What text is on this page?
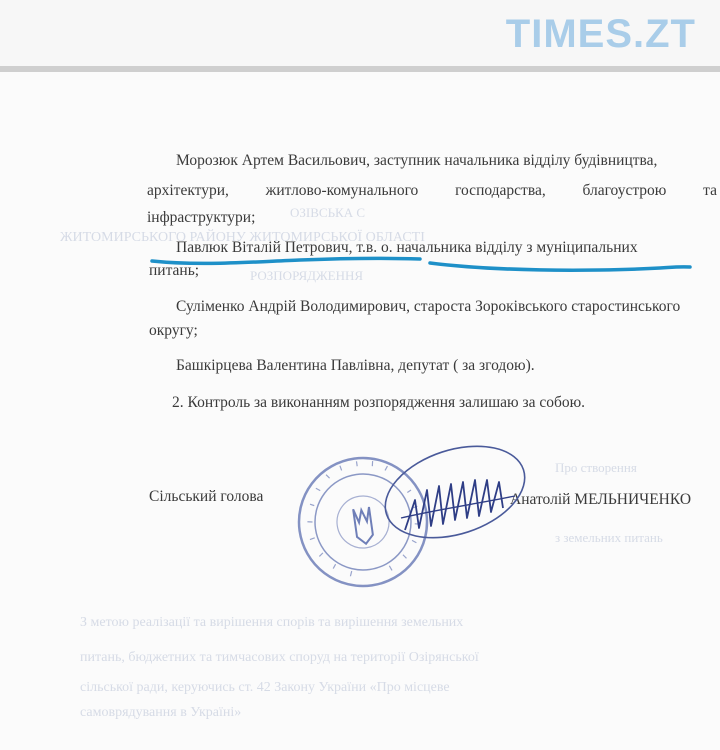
TIMES.ZT
ОЗІВСЬКА С
ЖИТОМИРСЬКОГО РАЙОНУ ЖИТОМИРСЬКОЇ ОБЛАСТІ
РОЗПОРЯДЖЕННЯ
Про створення
з земельних питань
З метою реалізації та вирішення спорів та вирішення земельних
питань, бюджетних та тимчасових споруд на території Озірянської
сільської ради, керуючись ст. 42 Закону України «Про місцеве
самоврядування в Україні»
Морозюк Артем Васильович, заступник начальника відділу будівництва,
архітектури, житлово-комунального господарства, благоустрою та
інфраструктури;
Павлюк Віталій Петрович, т.в. о. начальника відділу з муніципальних
питань;
Суліменко Андрій Володимирович, староста Зороківського старостинського
округу;
Башкірцева Валентина Павлівна, депутат ( за згодою).
2. Контроль за виконанням розпорядження залишаю за собою.
Сільський голова	Анатолій МЕЛЬНИЧЕНКО
